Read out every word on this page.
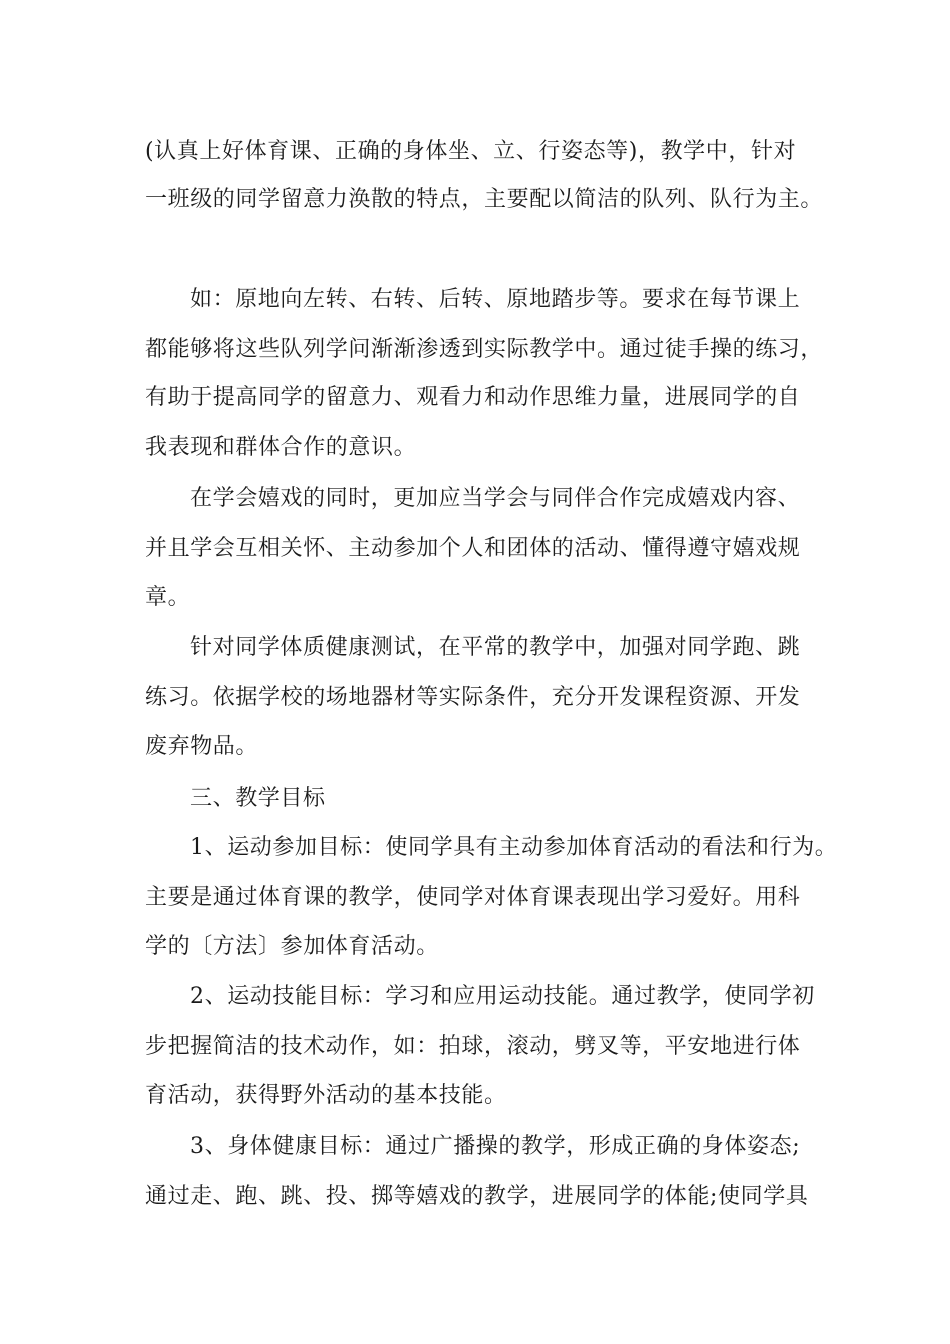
(认真上好体育课、正确的身体坐、立、行姿态等)，教学中，针对
一班级的同学留意力涣散的特点，主要配以简洁的队列、队行为主。
如：原地向左转、右转、后转、原地踏步等。要求在每节课上
都能够将这些队列学问渐渐渗透到实际教学中。通过徒手操的练习，
有助于提高同学的留意力、观看力和动作思维力量，进展同学的自
我表现和群体合作的意识。
在学会嬉戏的同时，更加应当学会与同伴合作完成嬉戏内容、
并且学会互相关怀、主动参加个人和团体的活动、懂得遵守嬉戏规
章。
针对同学体质健康测试，在平常的教学中，加强对同学跑、跳
练习。依据学校的场地器材等实际条件，充分开发课程资源、开发
废弃物品。
三、教学目标
1、运动参加目标：使同学具有主动参加体育活动的看法和行为。
主要是通过体育课的教学，使同学对体育课表现出学习爱好。用科
学的〔方法〕参加体育活动。
2、运动技能目标：学习和应用运动技能。通过教学，使同学初
步把握简洁的技术动作，如：拍球，滚动，劈叉等，平安地进行体
育活动，获得野外活动的基本技能。
3、身体健康目标：通过广播操的教学，形成正确的身体姿态;
通过走、跑、跳、投、掷等嬉戏的教学，进展同学的体能;使同学具
